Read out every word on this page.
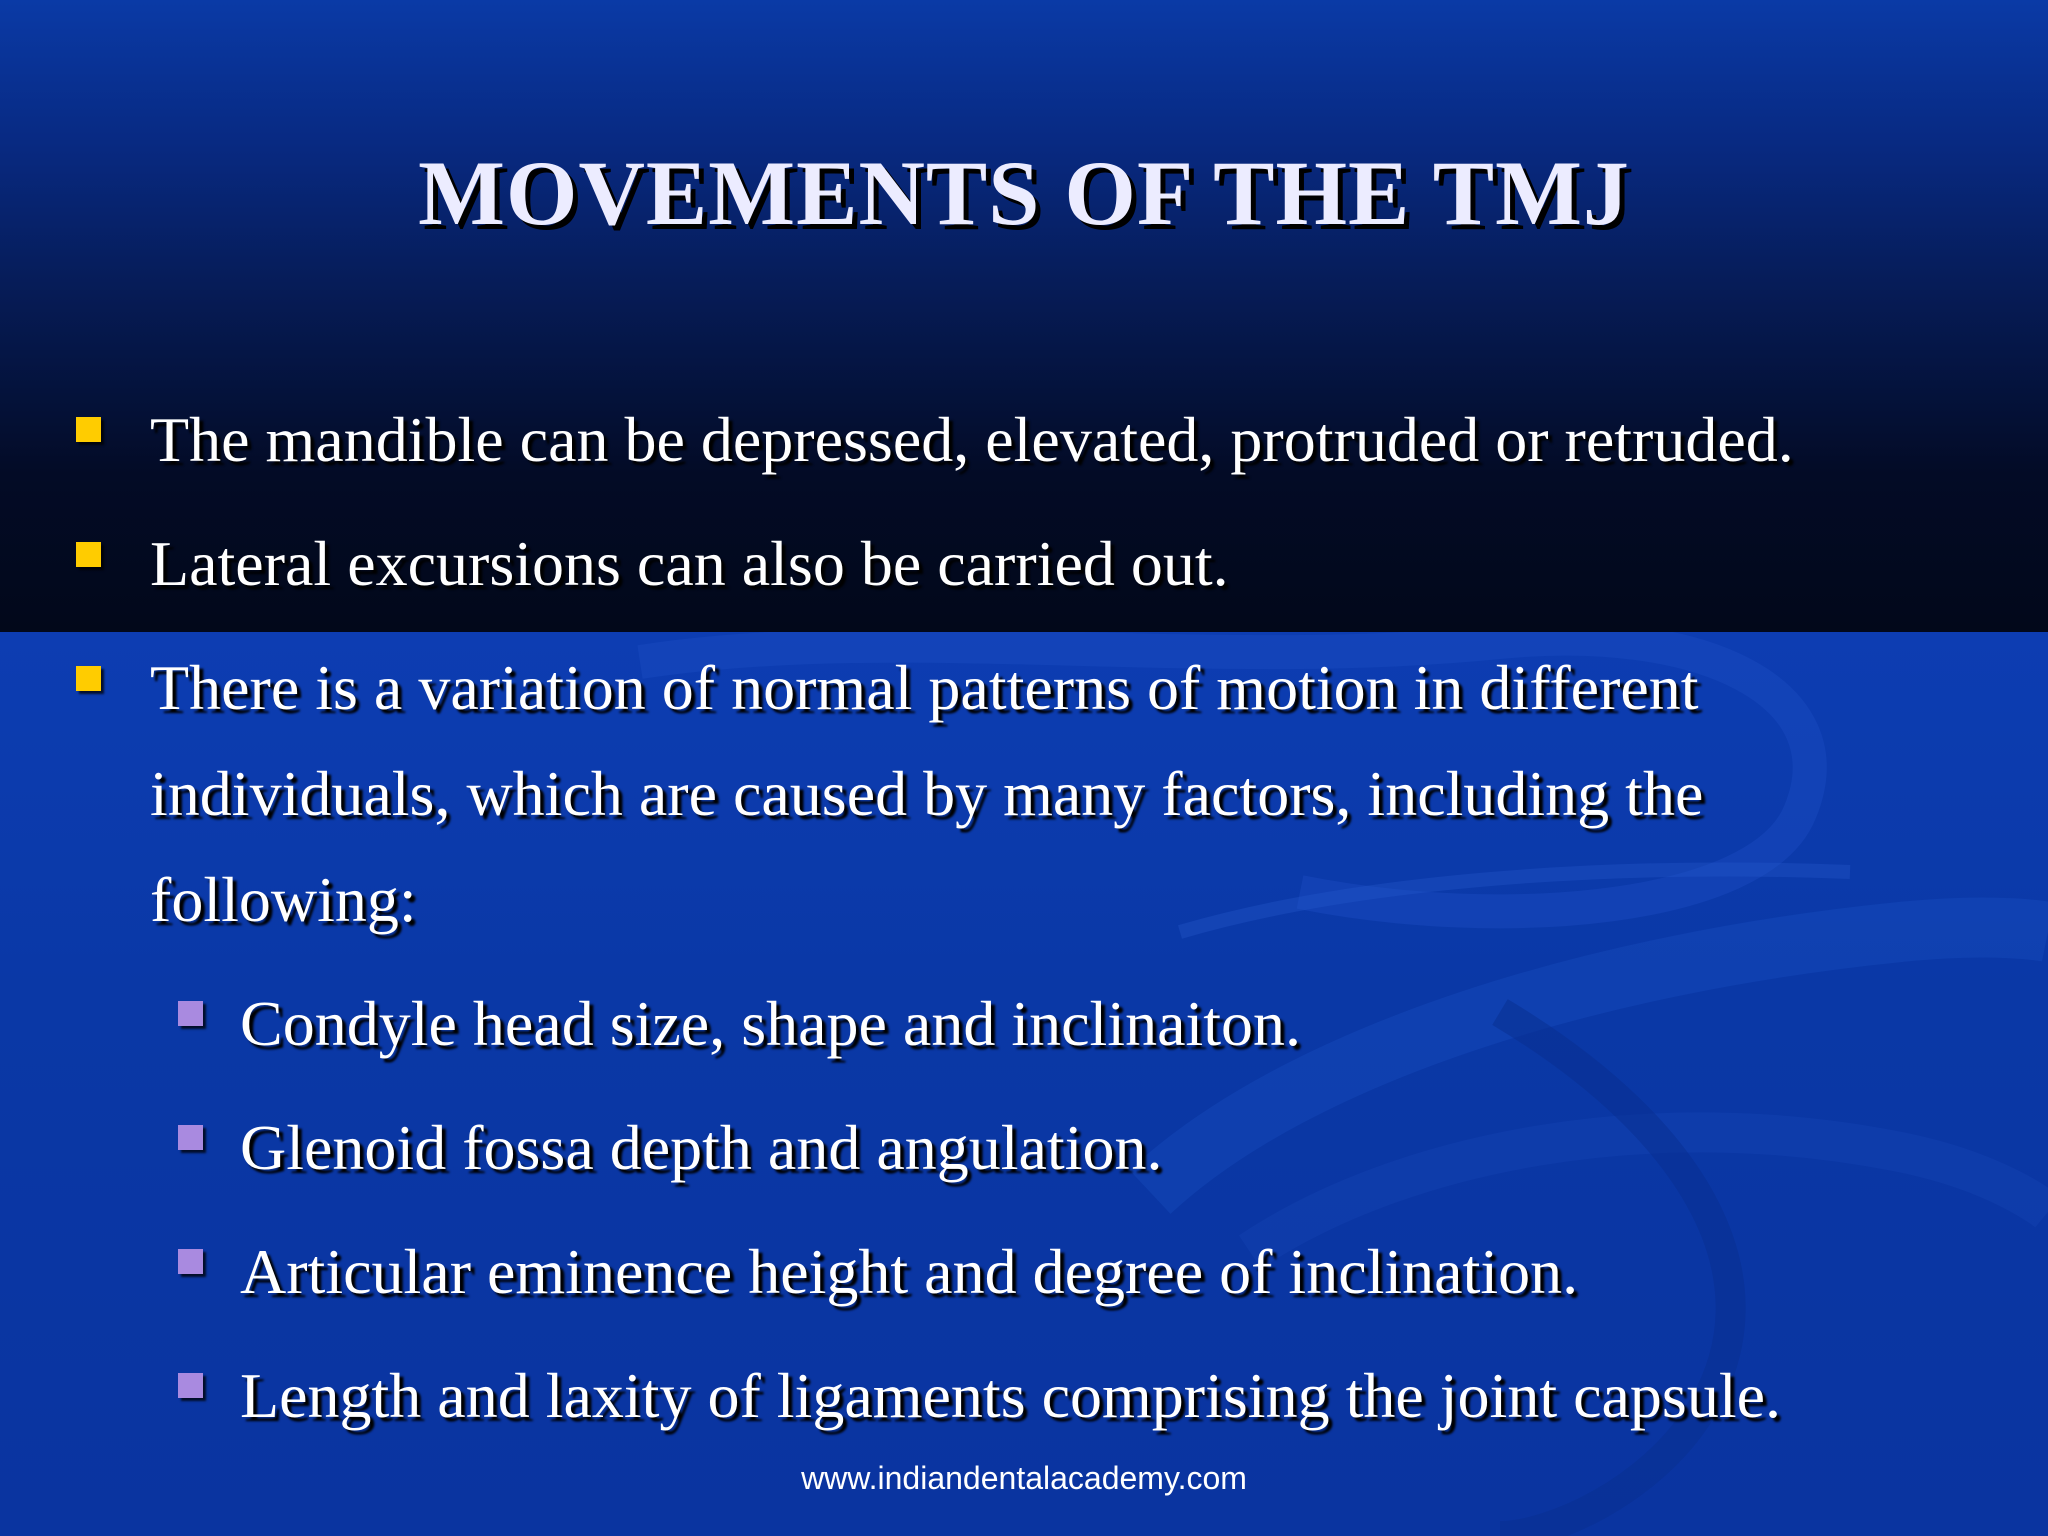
MOVEMENTS OF THE TMJ
The mandible can be depressed, elevated, protruded or retruded.
Lateral excursions can also be carried out.
There is a variation of normal patterns of motion in different
individuals, which are caused by many factors, including the
following:
Condyle head size, shape and inclinaiton.
Glenoid fossa depth and angulation.
Articular eminence height and degree of inclination.
Length and laxity of ligaments comprising the joint capsule.
www.indiandentalacademy.com
